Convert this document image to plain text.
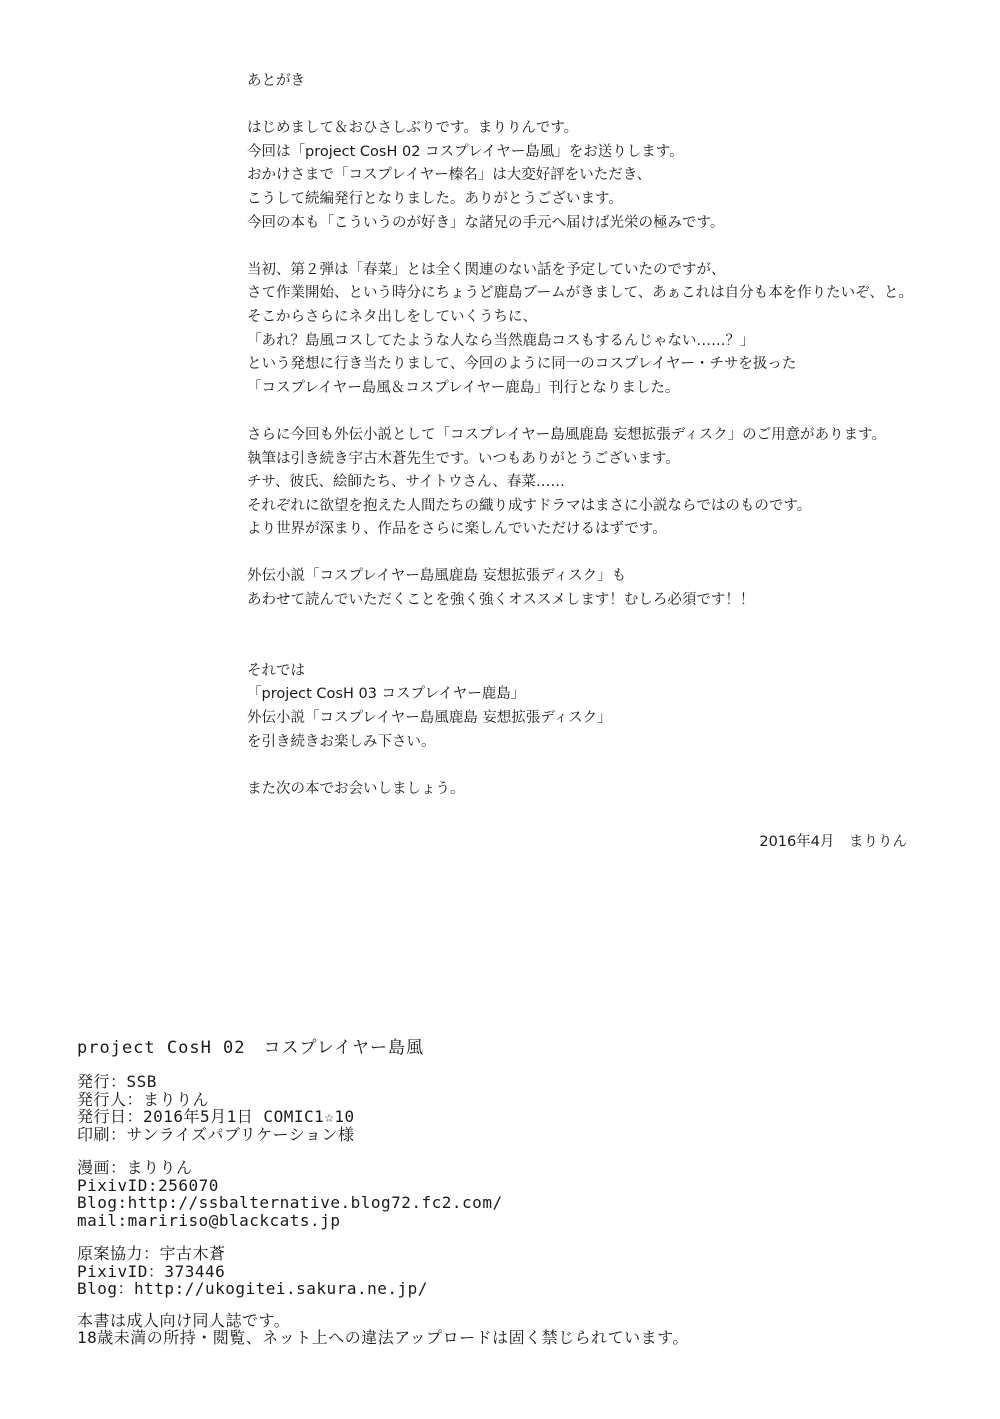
あとがき
はじめまして＆おひさしぶりです。まりりんです。
今回は「project CosH 02 コスプレイヤー島風」をお送りします。
おかけさまで「コスプレイヤー榛名」は大変好評をいただき、
こうして続編発行となりました。ありがとうございます。
今回の本も「こういうのが好き」な諸兄の手元へ届けば光栄の極みです。
当初、第２弾は「春菜」とは全く関連のない話を予定していたのですが、
さて作業開始、という時分にちょうど鹿島ブームがきまして、あぁこれは自分も本を作りたいぞ、と。
そこからさらにネタ出しをしていくうちに、
「あれ？島風コスしてたような人なら当然鹿島コスもするんじゃない……？」
という発想に行き当たりまして、今回のように同一のコスプレイヤー・チサを扱った
「コスプレイヤー島風＆コスプレイヤー鹿島」刊行となりました。
さらに今回も外伝小説として「コスプレイヤー島風鹿島 妄想拡張ディスク」のご用意があります。
執筆は引き続き宇古木蒼先生です。いつもありがとうございます。
チサ、彼氏、絵師たち、サイトウさん、春菜……
それぞれに欲望を抱えた人間たちの織り成すドラマはまさに小説ならではのものです。
より世界が深まり、作品をさらに楽しんでいただけるはずです。
外伝小説「コスプレイヤー島風鹿島 妄想拡張ディスク」も
あわせて読んでいただくことを強く強くオススメします！むしろ必須です！！
それでは
「project CosH 03 コスプレイヤー鹿島」
外伝小説「コスプレイヤー島風鹿島 妄想拡張ディスク」
を引き続きお楽しみ下さい。
また次の本でお会いしましょう。
2016年4月　まりりん
project CosH 02　コスプレイヤー島風
発行：SSB
発行人：まりりん
発行日：2016年5月1日 COMIC1☆10
印刷：サンライズパブリケーション様
漫画：まりりん
PixivID:256070
Blog:http://ssbalternative.blog72.fc2.com/
mail:maririso@blackcats.jp
原案協力：宇古木蒼
PixivID：373446
Blog：http://ukogitei.sakura.ne.jp/
本書は成人向け同人誌です。
18歳未満の所持・閲覧、ネット上への違法アップロードは固く禁じられています。
